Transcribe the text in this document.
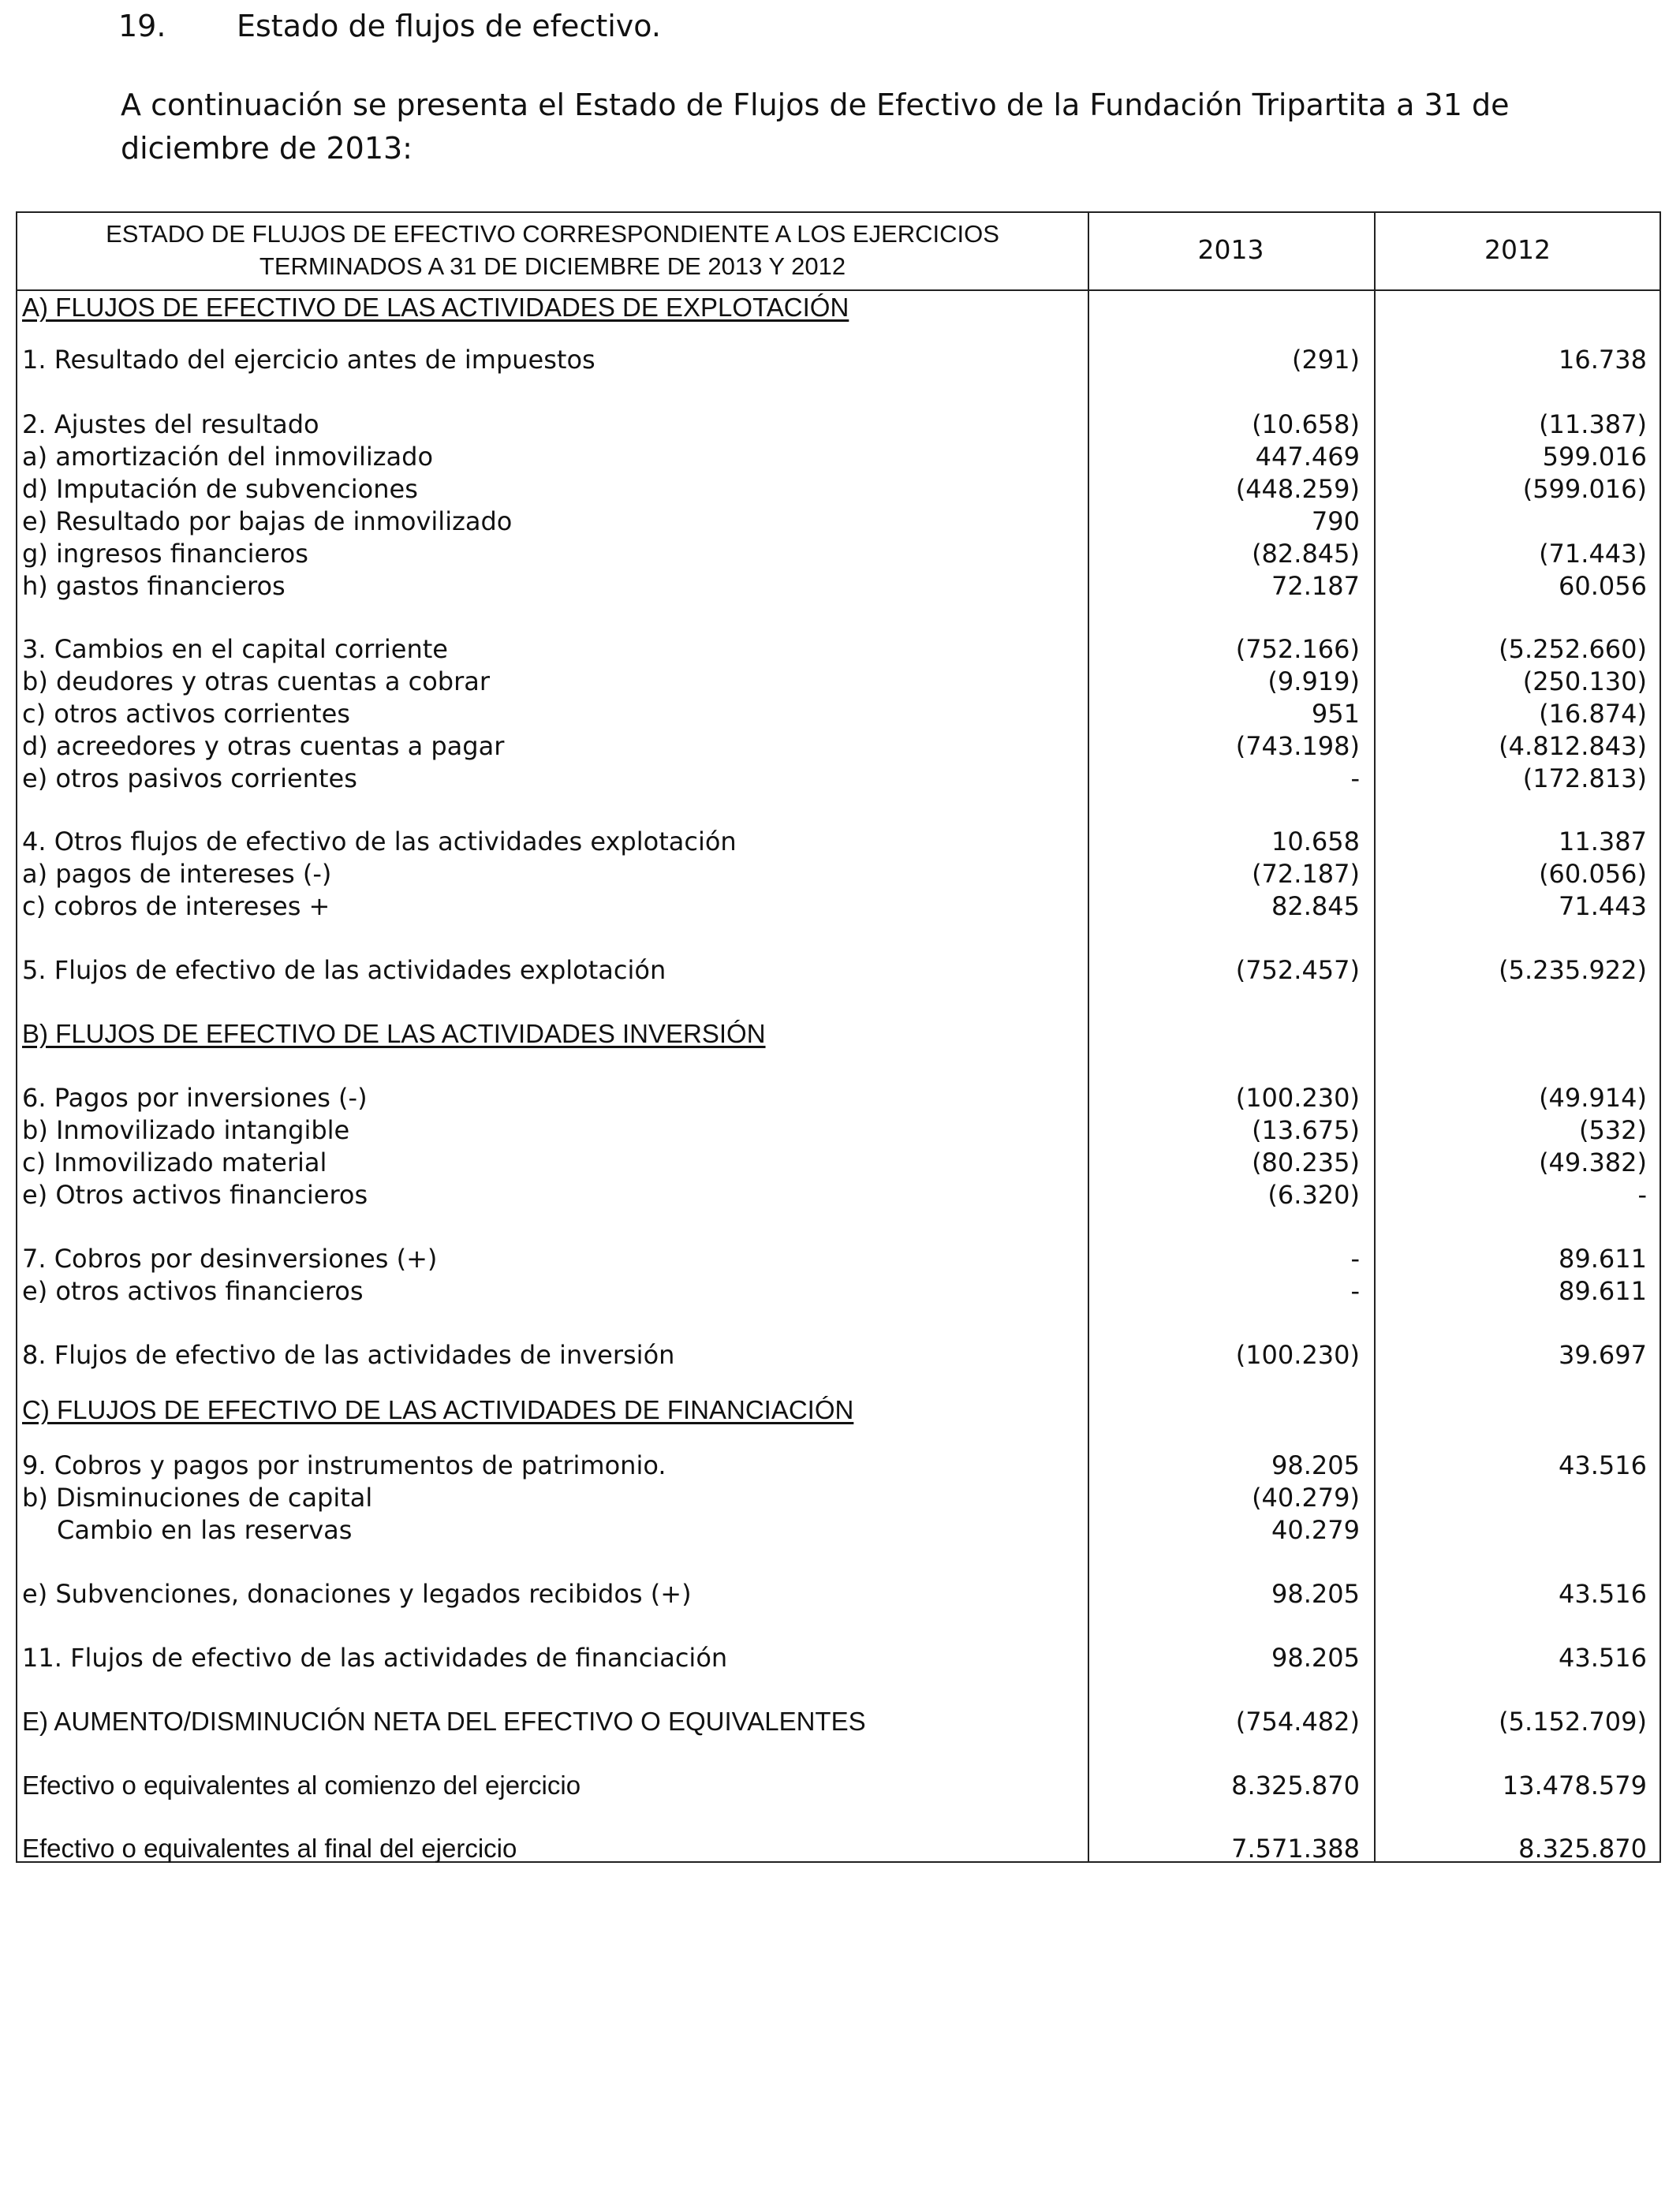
19. Estado de flujos de efectivo.
A continuación se presenta el Estado de Flujos de Efectivo de la Fundación Tripartita a 31 de diciembre de 2013:
ESTADO DE FLUJOS DE EFECTIVO CORRESPONDIENTE A LOS EJERCICIOS
TERMINADOS A 31 DE DICIEMBRE DE 2013 Y 2012
2013	2012
A) FLUJOS DE EFECTIVO DE LAS ACTIVIDADES DE EXPLOTACIÓN
1. Resultado del ejercicio antes de impuestos	(291)	16.738
2. Ajustes del resultado	(10.658)	(11.387)
a) amortización del inmovilizado	447.469	599.016
d) Imputación de subvenciones	(448.259)	(599.016)
e) Resultado por bajas de inmovilizado	790
g) ingresos financieros	(82.845)	(71.443)
h) gastos financieros	72.187	60.056
3. Cambios en el capital corriente	(752.166)	(5.252.660)
b) deudores y otras cuentas a cobrar	(9.919)	(250.130)
c) otros activos corrientes	951	(16.874)
d) acreedores y otras cuentas a pagar	(743.198)	(4.812.843)
e) otros pasivos corrientes	-	(172.813)
4. Otros flujos de efectivo de las actividades explotación	10.658	11.387
a) pagos de intereses (-)	(72.187)	(60.056)
c) cobros de intereses +	82.845	71.443
5. Flujos de efectivo de las actividades explotación	(752.457)	(5.235.922)
B) FLUJOS DE EFECTIVO DE LAS ACTIVIDADES INVERSIÓN
6. Pagos por inversiones (-)	(100.230)	(49.914)
b) Inmovilizado intangible	(13.675)	(532)
c) Inmovilizado material	(80.235)	(49.382)
e) Otros activos financieros	(6.320)	-
7. Cobros por desinversiones (+)	-	89.611
e) otros activos financieros	-	89.611
8. Flujos de efectivo de las actividades de inversión	(100.230)	39.697
C) FLUJOS DE EFECTIVO DE LAS ACTIVIDADES DE FINANCIACIÓN
9. Cobros y pagos por instrumentos de patrimonio.	98.205	43.516
b) Disminuciones de capital	(40.279)
Cambio en las reservas	40.279
e) Subvenciones, donaciones y legados recibidos (+)	98.205	43.516
11. Flujos de efectivo de las actividades de financiación	98.205	43.516
E) AUMENTO/DISMINUCIÓN NETA DEL EFECTIVO O EQUIVALENTES	(754.482)	(5.152.709)
Efectivo o equivalentes al comienzo del ejercicio	8.325.870	13.478.579
Efectivo o equivalentes al final del ejercicio	7.571.388	8.325.870
